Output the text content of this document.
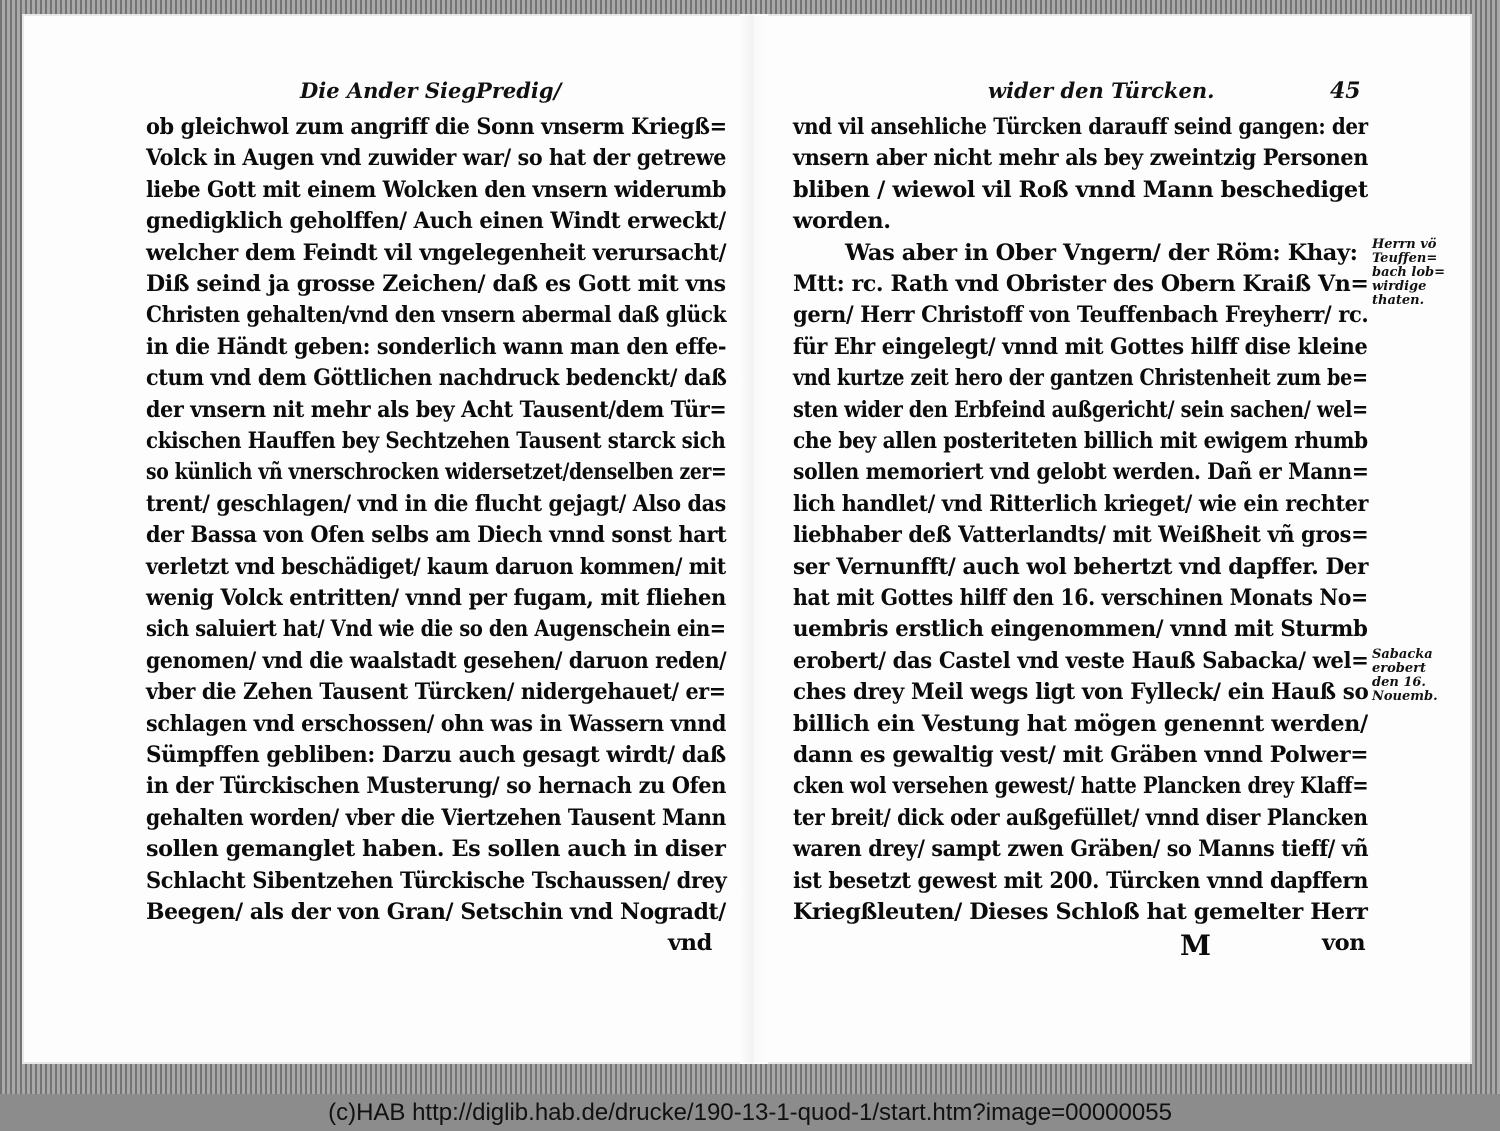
Die Ander SiegPredig/	wider den Türcken.	45
ob gleichwol zum angriff die Sonn vnserm Kriegß=
Volck in Augen vnd zuwider war/ so hat der getrewe
liebe Gott mit einem Wolcken den vnsern widerumb
gnedigklich geholffen/ Auch einen Windt erweckt/
welcher dem Feindt vil vngelegenheit verursacht/
Diß seind ja grosse Zeichen/ daß es Gott mit vns
Christen gehalten/vnd den vnsern abermal daß glück
in die Händt geben: sonderlich wann man den effe-
ctum vnd dem Göttlichen nachdruck bedenckt/ daß
der vnsern nit mehr als bey Acht Tausent/dem Tür=
ckischen Hauffen bey Sechtzehen Tausent starck sich
so künlich vñ vnerschrocken widersetzet/denselben zer=
trent/ geschlagen/ vnd in die flucht gejagt/ Also das
der Bassa von Ofen selbs am Diech vnnd sonst hart
verletzt vnd beschädiget/ kaum daruon kommen/ mit
wenig Volck entritten/ vnnd per fugam, mit fliehen
sich saluiert hat/ Vnd wie die so den Augenschein ein=
genomen/ vnd die waalstadt gesehen/ daruon reden/
vber die Zehen Tausent Türcken/ nidergehauet/ er=
schlagen vnd erschossen/ ohn was in Wassern vnnd
Sümpffen gebliben: Darzu auch gesagt wirdt/ daß
in der Türckischen Musterung/ so hernach zu Ofen
gehalten worden/ vber die Viertzehen Tausent Mann
sollen gemanglet haben. Es sollen auch in diser
Schlacht Sibentzehen Türckische Tschaussen/ drey
Beegen/ als der von Gran/ Setschin vnd Nogradt/
vnd
vnd vil ansehliche Türcken darauff seind gangen: der
vnsern aber nicht mehr als bey zweintzig Personen
bliben / wiewol vil Roß vnnd Mann beschediget
worden.
Was aber in Ober Vngern/ der Röm: Khay:
Mtt: rc. Rath vnd Obrister des Obern Kraiß Vn=
gern/ Herr Christoff von Teuffenbach Freyherr/ rc.
für Ehr eingelegt/ vnnd mit Gottes hilff dise kleine
vnd kurtze zeit hero der gantzen Christenheit zum be=
sten wider den Erbfeind außgericht/ sein sachen/ wel=
che bey allen posteriteten billich mit ewigem rhumb
sollen memoriert vnd gelobt werden. Dañ er Mann=
lich handlet/ vnd Ritterlich krieget/ wie ein rechter
liebhaber deß Vatterlandts/ mit Weißheit vñ gros=
ser Vernunfft/ auch wol behertzt vnd dapffer. Der
hat mit Gottes hilff den 16. verschinen Monats No=
uembris erstlich eingenommen/ vnnd mit Sturmb
erobert/ das Castel vnd veste Hauß Sabacka/ wel=
ches drey Meil wegs ligt von Fylleck/ ein Hauß so
billich ein Vestung hat mögen genennt werden/
dann es gewaltig vest/ mit Gräben vnnd Polwer=
cken wol versehen gewest/ hatte Plancken drey Klaff=
ter breit/ dick oder außgefüllet/ vnnd diser Plancken
waren drey/ sampt zwen Gräben/ so Manns tieff/ vñ
ist besetzt gewest mit 200. Türcken vnnd dapffern
Kriegßleuten/ Dieses Schloß hat gemelter Herr
von
M
Herrn vö
Teuffen=
bach lob=
wirdige
thaten.
Sabacka
erobert
den 16.
Nouemb.
(c)HAB http://diglib.hab.de/drucke/190-13-1-quod-1/start.htm?image=00000055
